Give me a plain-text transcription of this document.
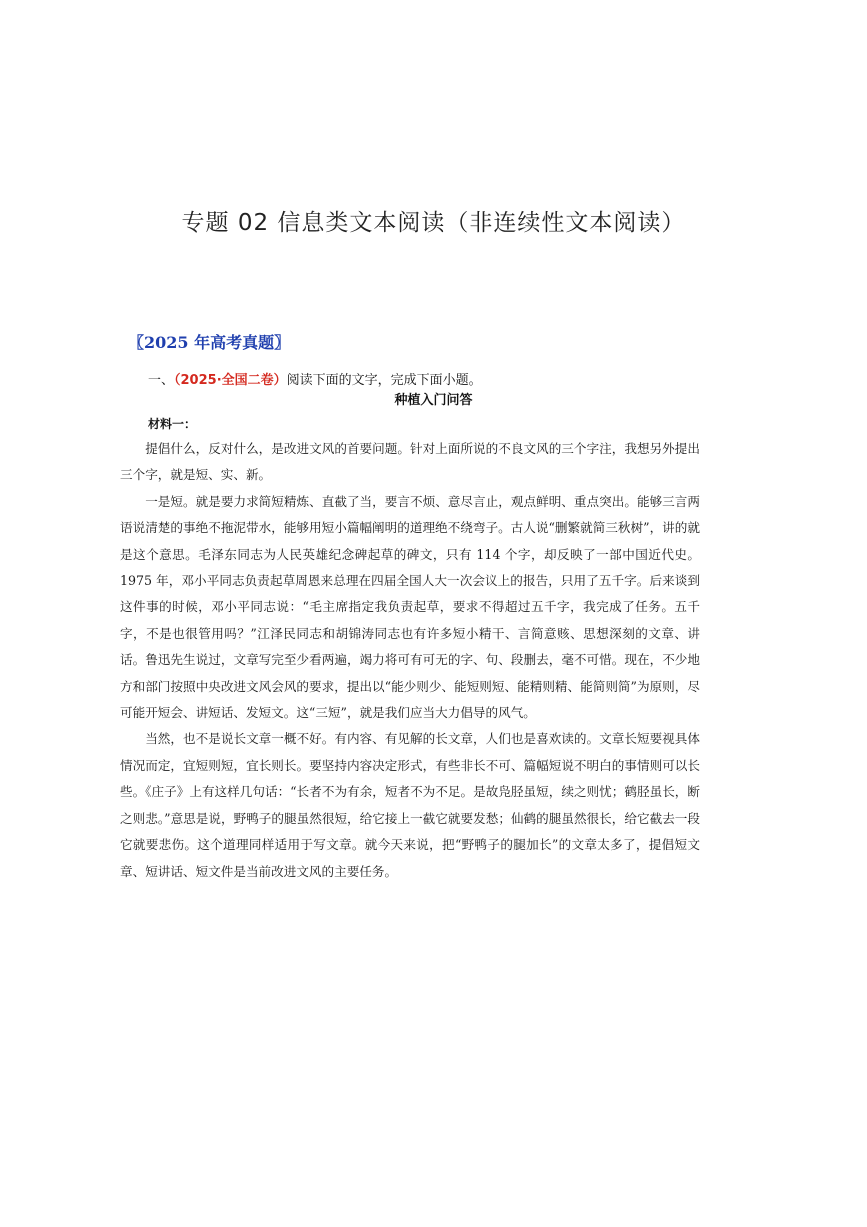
专题 02 信息类文本阅读（非连续性文本阅读）
〖2025 年高考真题〗
一、（2025·全国二卷）阅读下面的文字，完成下面小题。
种植入门问答
材料一：

提倡什么，反对什么，是改进文风的首要问题。针对上面所说的不良文风的三个字注，我想另外提出三个字，就是短、实、新。

一是短。就是要力求简短精炼、直截了当，要言不烦、意尽言止，观点鲜明、重点突出。能够三言两语说清楚的事绝不拖泥带水，能够用短小篇幅阐明的道理绝不绕弯子。古人说“删繁就简三秋树”，讲的就是这个意思。毛泽东同志为人民英雄纪念碑起草的碑文，只有 114 个字，却反映了一部中国近代史。1975 年，邓小平同志负责起草周恩来总理在四届全国人大一次会议上的报告，只用了五千字。后来谈到这件事的时候，邓小平同志说：“毛主席指定我负责起草，要求不得超过五千字，我完成了任务。五千字，不是也很管用吗？”江泽民同志和胡锦涛同志也有许多短小精干、言简意赅、思想深刻的文章、讲话。鲁迅先生说过，文章写完至少看两遍，竭力将可有可无的字、句、段删去，毫不可惜。现在，不少地方和部门按照中央改进文风会风的要求，提出以“能少则少、能短则短、能精则精、能简则简”为原则，尽可能开短会、讲短话、发短文。这“三短”，就是我们应当大力倡导的风气。

当然，也不是说长文章一概不好。有内容、有见解的长文章，人们也是喜欢读的。文章长短要视具体情况而定，宜短则短，宜长则长。要坚持内容决定形式，有些非长不可、篇幅短说不明白的事情则可以长些。《庄子》上有这样几句话：“长者不为有余，短者不为不足。是故凫胫虽短，续之则忧；鹤胫虽长，断之则悲。”意思是说，野鸭子的腿虽然很短，给它接上一截它就要发愁；仙鹤的腿虽然很长，给它截去一段它就要悲伤。这个道理同样适用于写文章。就今天来说，把“野鸭子的腿加长”的文章太多了，提倡短文章、短讲话、短文件是当前改进文风的主要任务。
